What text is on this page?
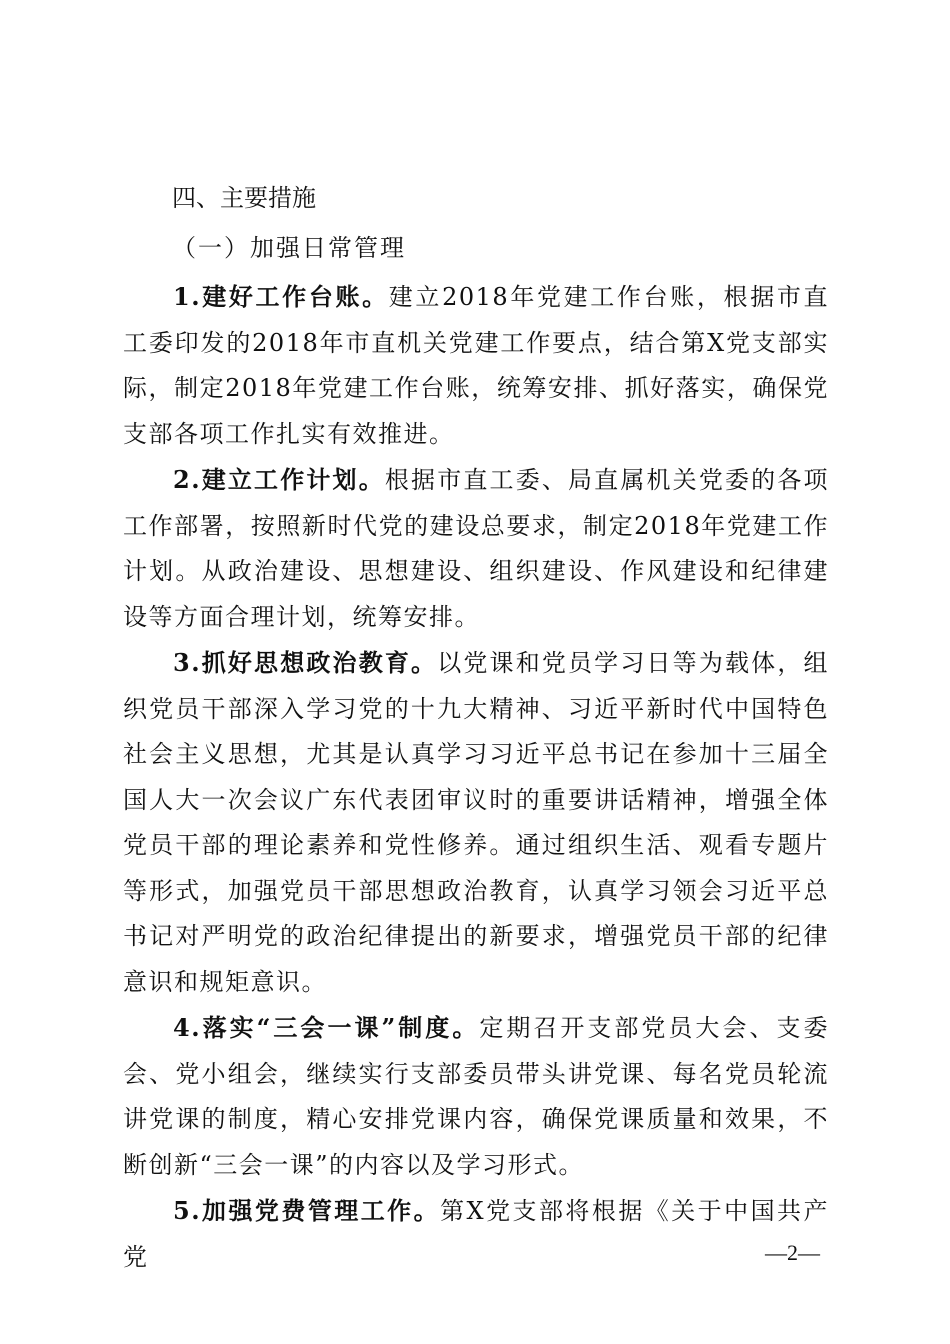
四、主要措施
（一）加强日常管理

1.建好工作台账。建立2018年党建工作台账，根据市直工委印发的2018年市直机关党建工作要点，结合第X党支部实际，制定2018年党建工作台账，统筹安排、抓好落实，确保党支部各项工作扎实有效推进。

2.建立工作计划。根据市直工委、局直属机关党委的各项工作部署，按照新时代党的建设总要求，制定2018年党建工作计划。从政治建设、思想建设、组织建设、作风建设和纪律建设等方面合理计划，统筹安排。

3.抓好思想政治教育。以党课和党员学习日等为载体，组织党员干部深入学习党的十九大精神、习近平新时代中国特色社会主义思想，尤其是认真学习习近平总书记在参加十三届全国人大一次会议广东代表团审议时的重要讲话精神，增强全体党员干部的理论素养和党性修养。通过组织生活、观看专题片等形式，加强党员干部思想政治教育，认真学习领会习近平总书记对严明党的政治纪律提出的新要求，增强党员干部的纪律意识和规矩意识。

4.落实“三会一课”制度。定期召开支部党员大会、支委会、党小组会，继续实行支部委员带头讲党课、每名党员轮流讲党课的制度，精心安排党课内容，确保党课质量和效果，不断创新“三会一课”的内容以及学习形式。

5.加强党费管理工作。第X党支部将根据《关于中国共产党	—2—
